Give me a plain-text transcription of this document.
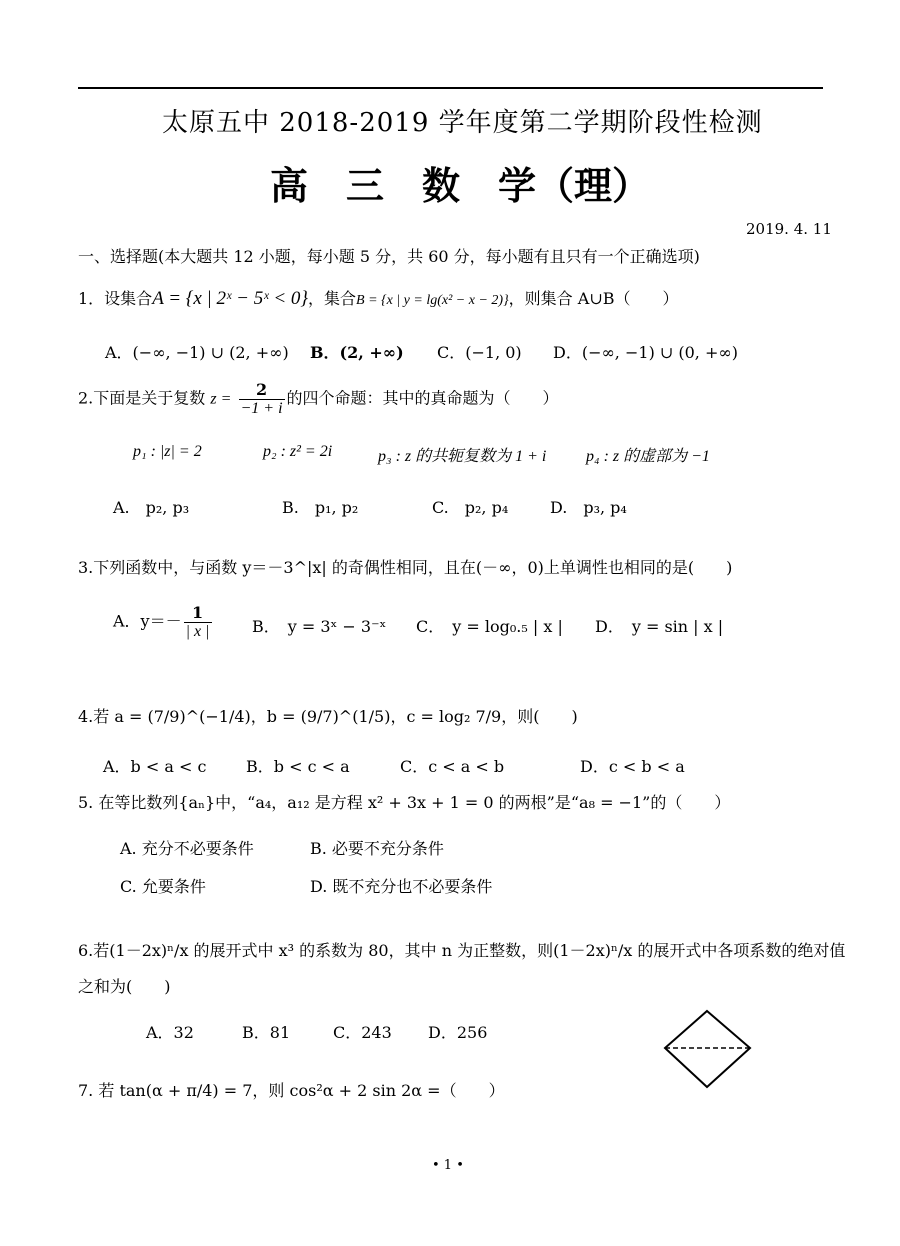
太原五中 2018-2019 学年度第二学期阶段性检测
高　三　数　学（理）
2019. 4. 11
一、选择题(本大题共 12 小题，每小题 5 分，共 60 分，每小题有且只有一个正确选项)
1．设集合A = {x | 2ˣ − 5ˣ < 0}，集合B = {x | y = lg(x² − x − 2)}，则集合 A∪B（　　）
A．(−∞, −1) ∪ (2, +∞) B．(2, +∞) C．(−1, 0) D．(−∞, −1) ∪ (0, +∞)
2.下面是关于复数 $z = \frac{2}{-1 + i}$ 的四个命题：其中的真命题为（　　）
p₁ : |z| = 2	p₂ : z² = 2i	p₃ : z 的共轭复数为 1 + i p₄ : z 的虚部为 −1
A.　p₂, p₃	B.　p₁, p₂	C.　p₂, p₄	D.　p₃, p₄
3.下列函数中，与函数 y＝－3^|x| 的奇偶性相同，且在(－∞，0)上单调性也相同的是(　　)
A．$y=- \frac{1}{| x |}$	B．　y = 3ˣ − 3⁻ˣ C．　y = log₀.₅ | x | D．　y = sin | x |
4.若 a = (7/9)^(−1/4)，b = (9/7)^(1/5)，c = log₂ 7/9，则(　　)
A．b < a < c B．b < c < a	C．c < a < b	D．c < b < a
5. 在等比数列{aₙ}中，“a₄，a₁₂ 是方程 x² + 3x + 1 = 0 的两根”是“a₈ = −1”的（　　）
A. 充分不必要条件	B. 必要不充分条件
C. 允要条件	D. 既不充分也不必要条件
6.若(1－2x)ⁿ/x 的展开式中 x³ 的系数为 80，其中 n 为正整数，则(1－2x)ⁿ/x 的展开式中各项系数的绝对值
之和为(　　)
A．32	B．81	C．243 D．256
7. 若 tan(α + π/4) = 7，则 cos²α + 2 sin 2α =（　　）
• 1 •
